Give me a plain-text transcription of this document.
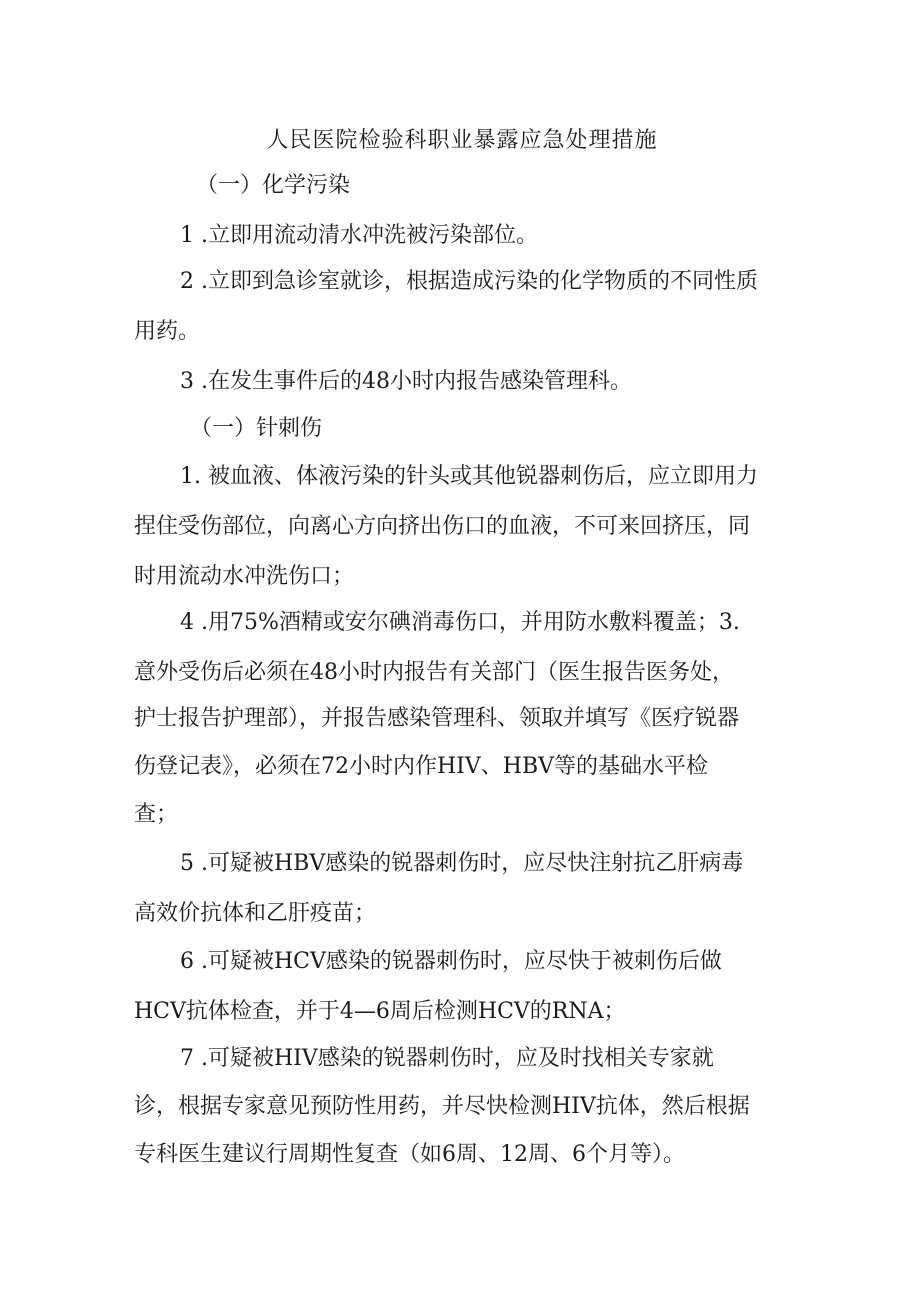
人民医院检验科职业暴露应急处理措施
（一）化学污染
1 .立即用流动清水冲洗被污染部位。
2 .立即到急诊室就诊，根据造成污染的化学物质的不同性质
用药。
3 .在发生事件后的48小时内报告感染管理科。
（一）针刺伤
1. 被血液、体液污染的针头或其他锐器刺伤后，应立即用力
捏住受伤部位，向离心方向挤出伤口的血液，不可来回挤压，同
时用流动水冲洗伤口；
4 .用75%酒精或安尔碘消毒伤口，并用防水敷料覆盖；3.
意外受伤后必须在48小时内报告有关部门（医生报告医务处，
护士报告护理部），并报告感染管理科、领取并填写《医疗锐器
伤登记表》，必须在72小时内作HIV、HBV等的基础水平检
查；
5 .可疑被HBV感染的锐器刺伤时，应尽快注射抗乙肝病毒
高效价抗体和乙肝疫苗；
6 .可疑被HCV感染的锐器刺伤时，应尽快于被刺伤后做
HCV抗体检查，并于4—6周后检测HCV的RNA；
7 .可疑被HIV感染的锐器刺伤时，应及时找相关专家就
诊，根据专家意见预防性用药，并尽快检测HIV抗体，然后根据
专科医生建议行周期性复查（如6周、12周、6个月等）。
